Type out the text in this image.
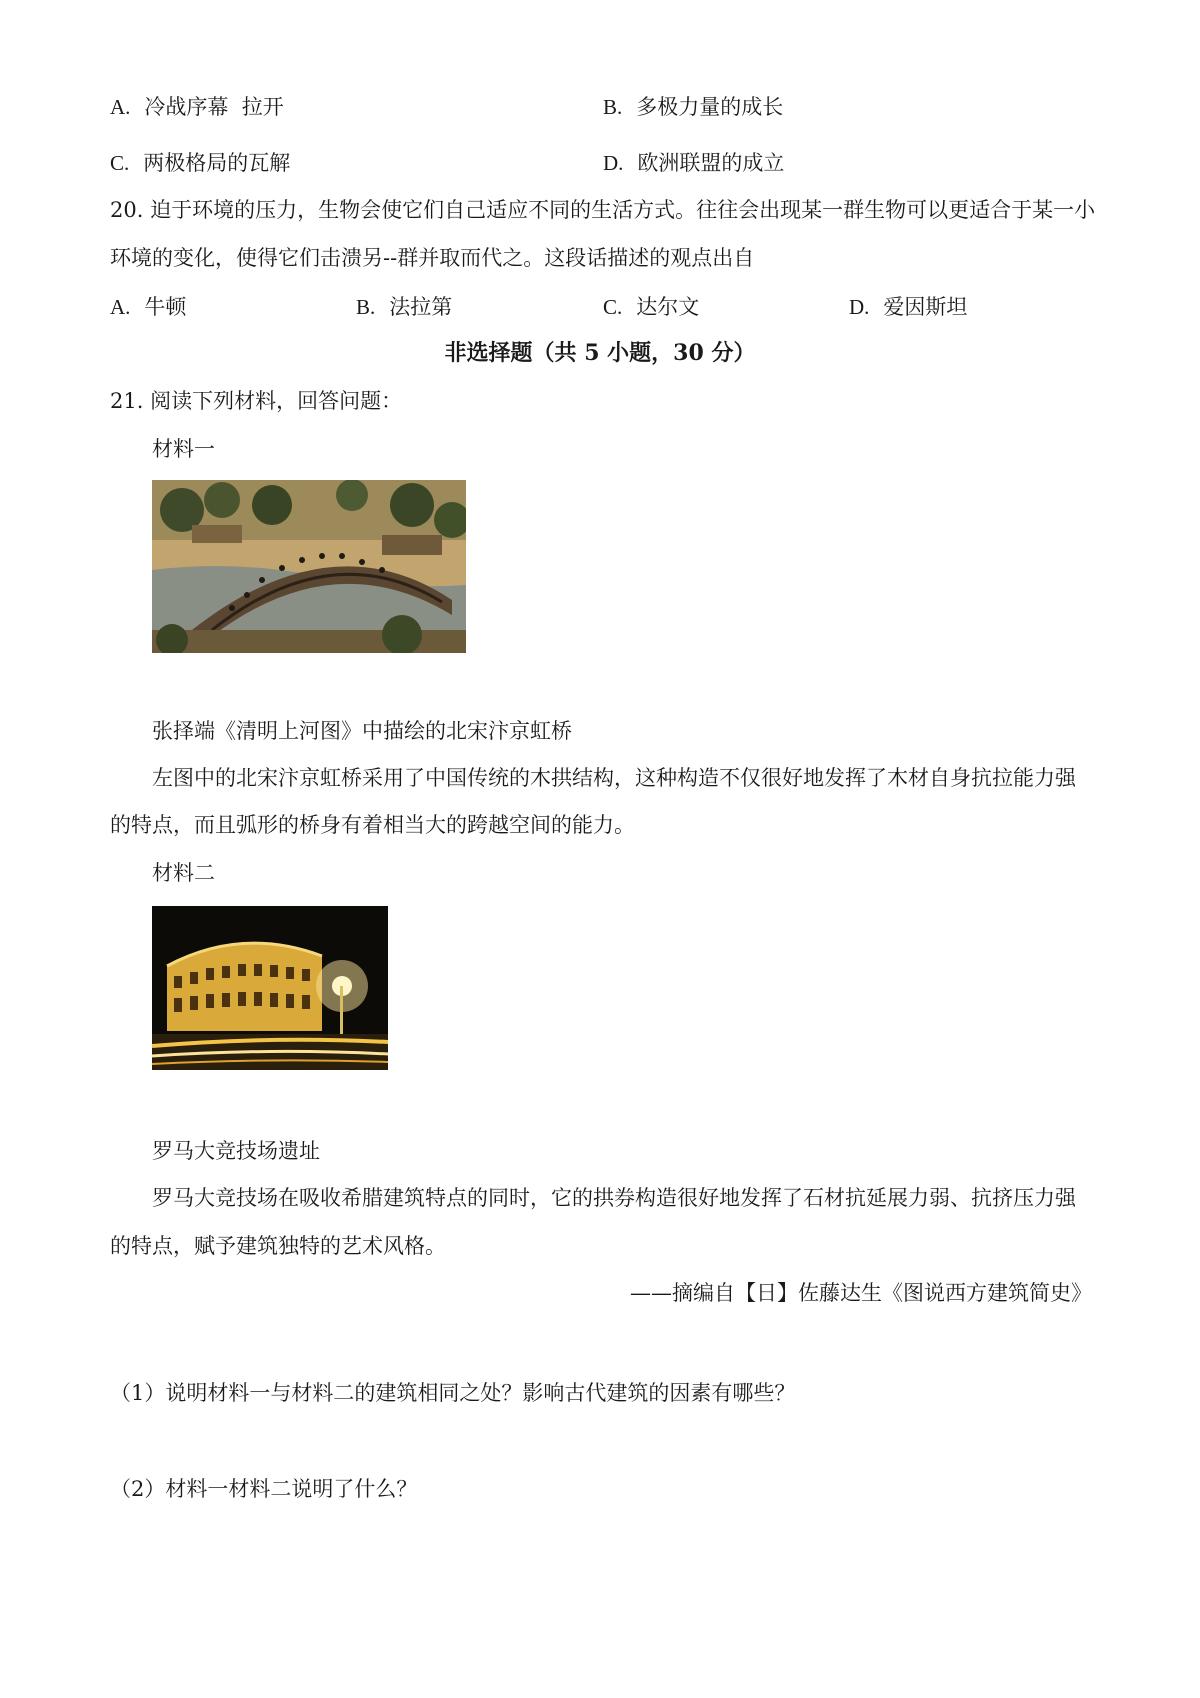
A. 冷战序幕  拉开	B. 多极力量的成长
C. 两极格局的瓦解	D. 欧洲联盟的成立
20. 迫于环境的压力，生物会使它们自己适应不同的生活方式。往往会出现某一群生物可以更适合于某一小
环境的变化，使得它们击溃另--群并取而代之。这段话描述的观点出自
A. 牛顿	B. 法拉第	C. 达尔文	D. 爱因斯坦
非选择题（共 5 小题，30 分）
21. 阅读下列材料，回答问题：
材料一
张择端《清明上河图》中描绘的北宋汴京虹桥
左图中的北宋汴京虹桥采用了中国传统的木拱结构，这种构造不仅很好地发挥了木材自身抗拉能力强
的特点，而且弧形的桥身有着相当大的跨越空间的能力。
材料二
罗马大竞技场遗址
罗马大竞技场在吸收希腊建筑特点的同时，它的拱券构造很好地发挥了石材抗延展力弱、抗挤压力强
的特点，赋予建筑独特的艺术风格。
——摘编自【日】佐藤达生《图说西方建筑简史》
（1）说明材料一与材料二的建筑相同之处？影响古代建筑的因素有哪些？
（2）材料一材料二说明了什么？
